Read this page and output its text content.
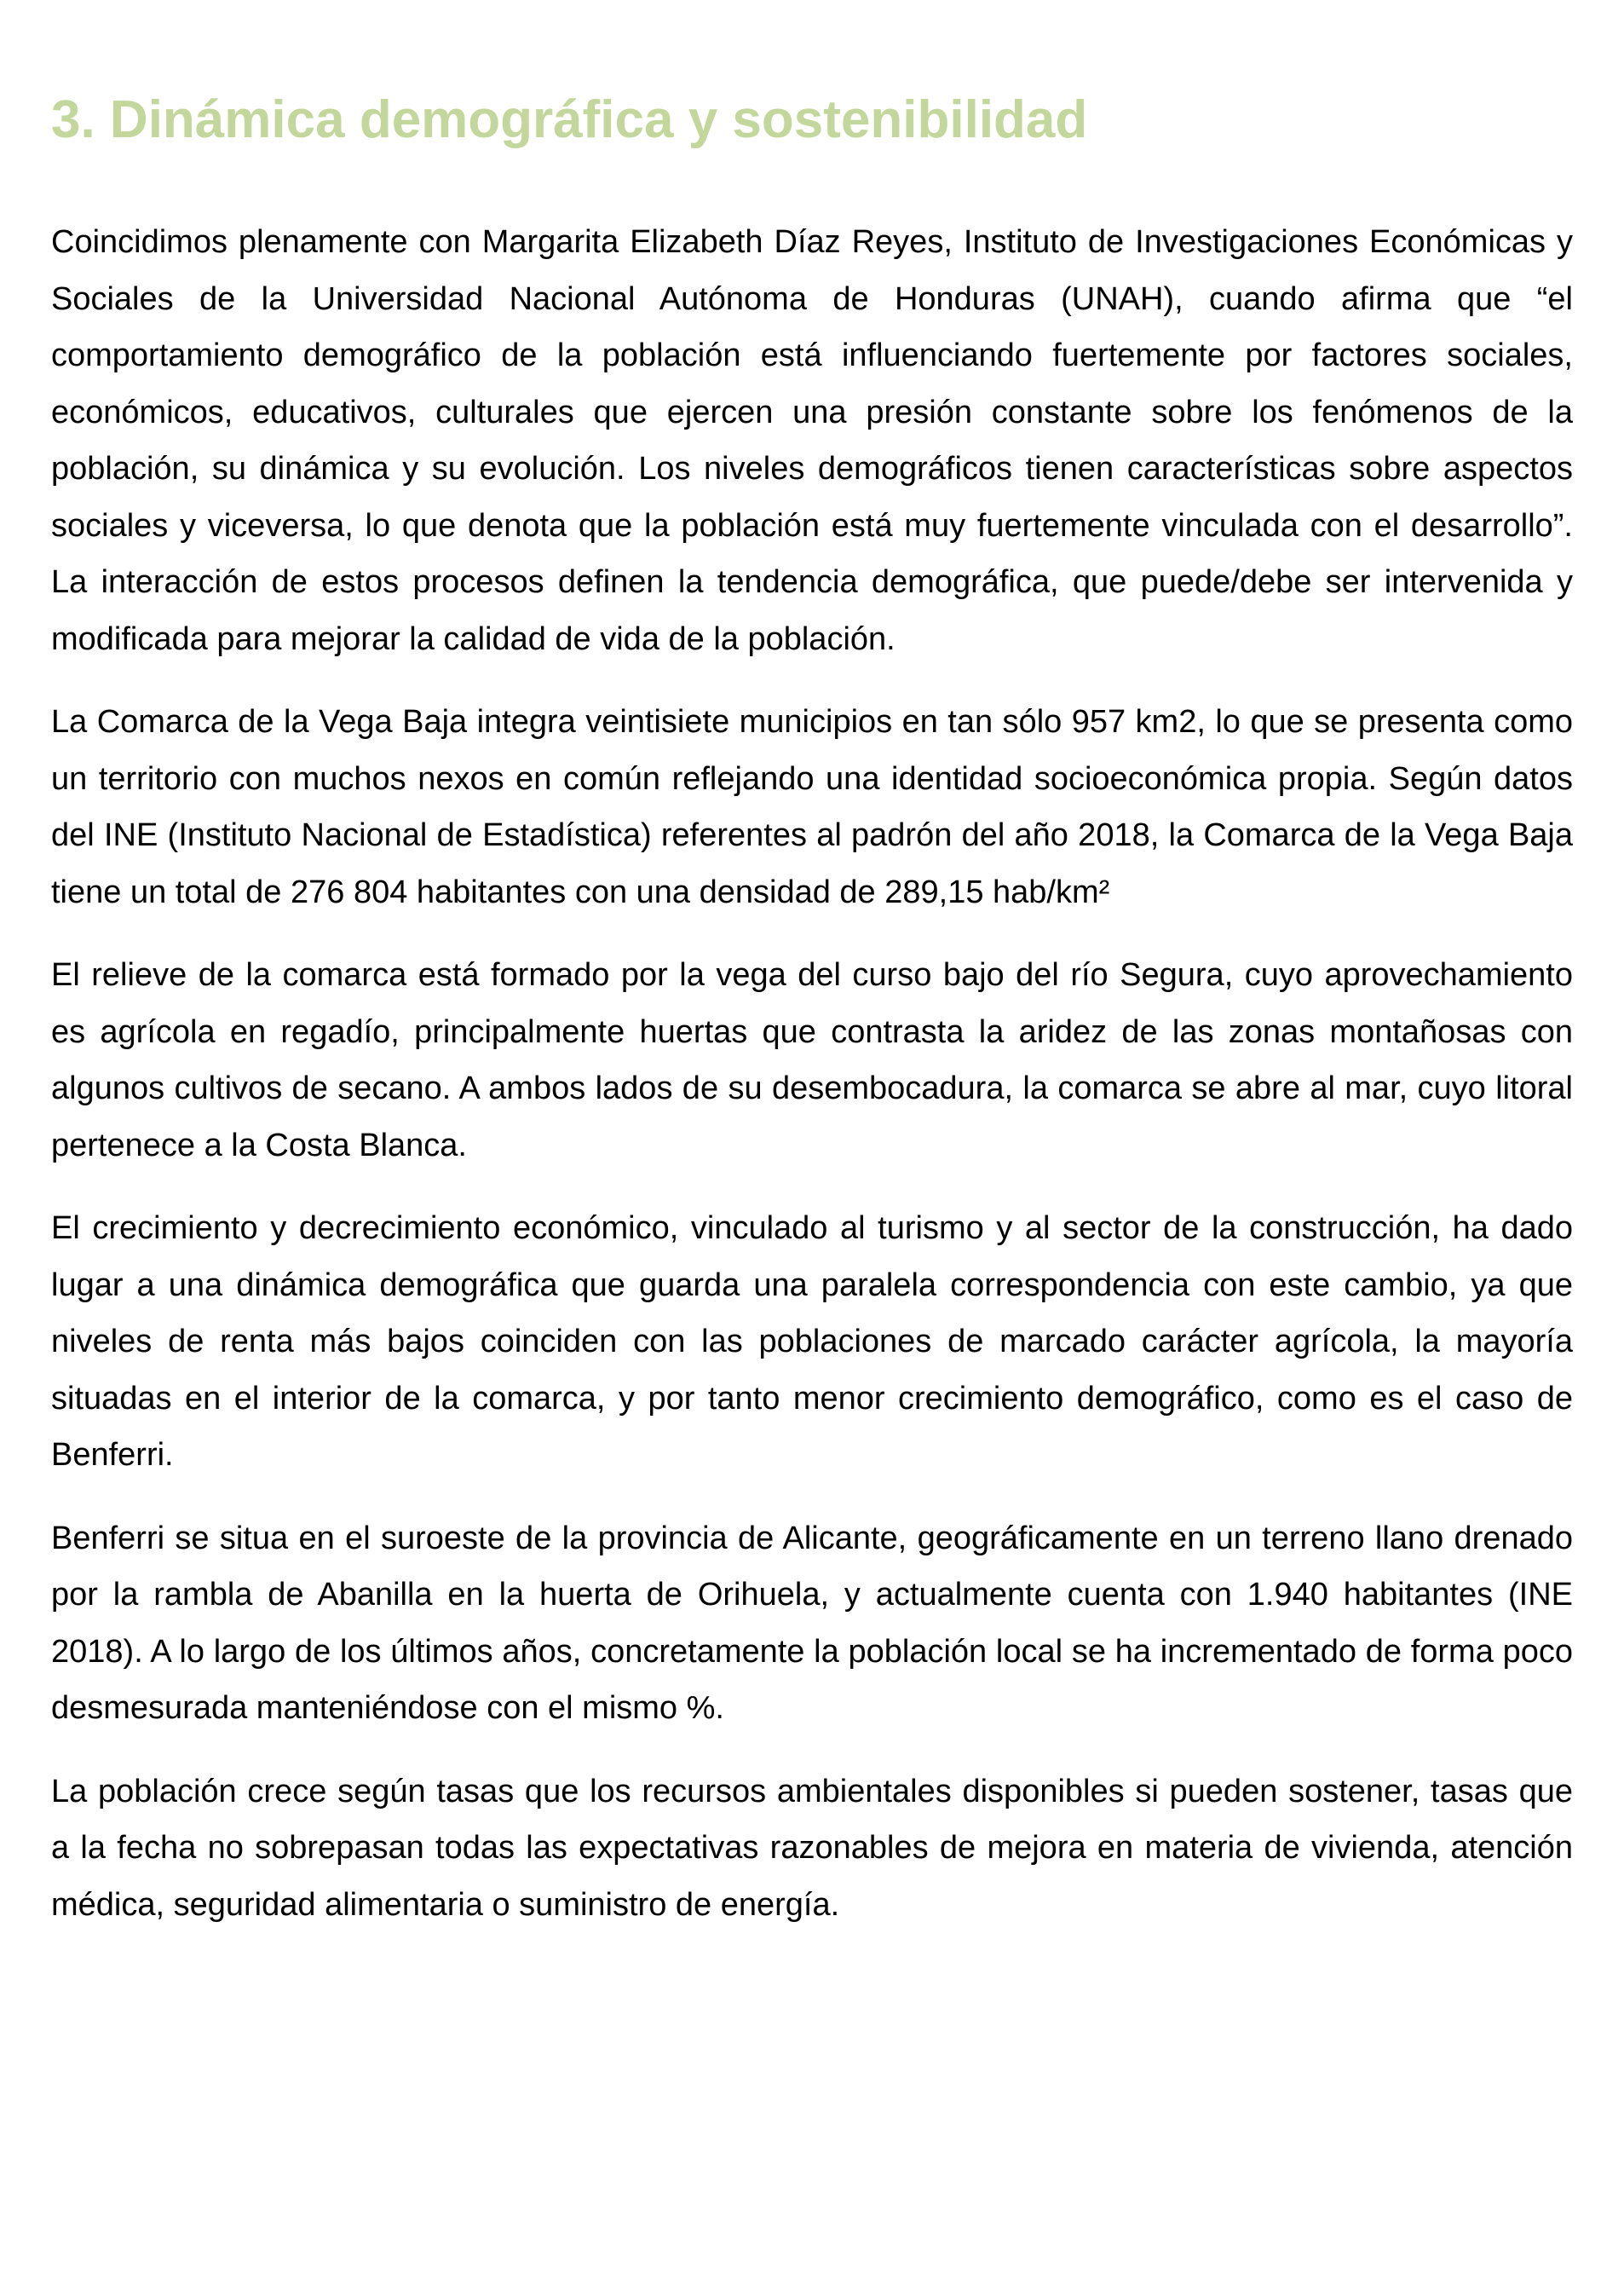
3. Dinámica demográfica y sostenibilidad

Coincidimos plenamente con Margarita Elizabeth Díaz Reyes, Instituto de Investigaciones Económicas y Sociales de la Universidad Nacional Autónoma de Honduras (UNAH), cuando afirma que “el comportamiento demográfico de la población está influenciando fuertemente por factores sociales, económicos, educativos, culturales que ejercen una presión constante sobre los fenómenos de la población, su dinámica y su evolución. Los niveles demográficos tienen características sobre aspectos sociales y viceversa, lo que denota que la población está muy fuertemente vinculada con el desarrollo”. La interacción de estos procesos definen la tendencia demográfica, que puede/debe ser intervenida y modificada para mejorar la calidad de vida de la población.

La Comarca de la Vega Baja integra veintisiete municipios en tan sólo 957 km2, lo que se presenta como un territorio con muchos nexos en común reflejando una identidad socioeconómica propia. Según datos del INE (Instituto Nacional de Estadística) referentes al padrón del año 2018, la Comarca de la Vega Baja tiene un total de 276 804 habitantes con una densidad de 289,15 hab/km²

El relieve de la comarca está formado por la vega del curso bajo del río Segura, cuyo aprovechamiento es agrícola en regadío, principalmente huertas que contrasta la aridez de las zonas montañosas con algunos cultivos de secano. A ambos lados de su desembocadura, la comarca se abre al mar, cuyo litoral pertenece a la Costa Blanca.

El crecimiento y decrecimiento económico, vinculado al turismo y al sector de la construcción, ha dado lugar a una dinámica demográfica que guarda una paralela correspondencia con este cambio, ya que niveles de renta más bajos coinciden con las poblaciones de marcado carácter agrícola, la mayoría situadas en el interior de la comarca, y por tanto menor crecimiento demográfico, como es el caso de Benferri.

Benferri se situa en el suroeste de la provincia de Alicante, geográficamente en un terreno llano drenado por la rambla de Abanilla en la huerta de Orihuela, y actualmente cuenta con 1.940 habitantes (INE 2018). A lo largo de los últimos años, concretamente la población local se ha incrementado de forma poco desmesurada manteniéndose con el mismo %.

La población crece según tasas que los recursos ambientales disponibles si pueden sostener, tasas que a la fecha no sobrepasan todas las expectativas razonables de mejora en materia de vivienda, atención médica, seguridad alimentaria o suministro de energía.
